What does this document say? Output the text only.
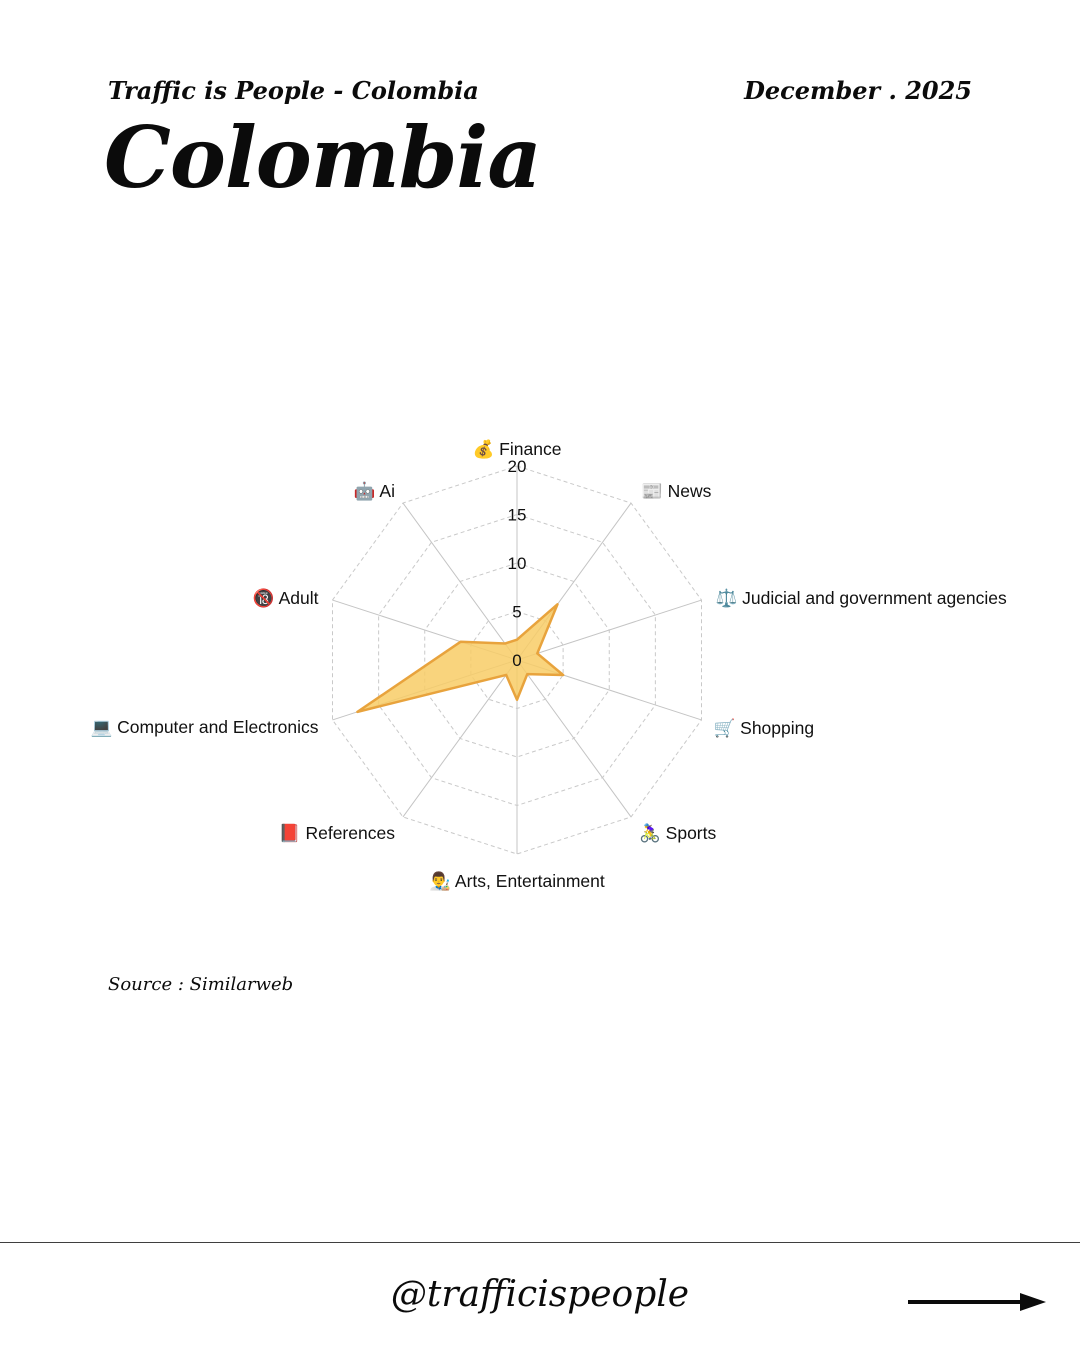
0
5
10
15
20
💰 Finance
📰 News
⚖️ Judicial and government agencies
🛒 Shopping
🚴‍♀️ Sports
👨‍🎨 Arts, Entertainment
📕 References
💻 Computer and Electronics
🔞 Adult
🤖 Ai
Traffic is People - Colombia	December . 2025
Colombia
Source : Similarweb
@trafficispeople
